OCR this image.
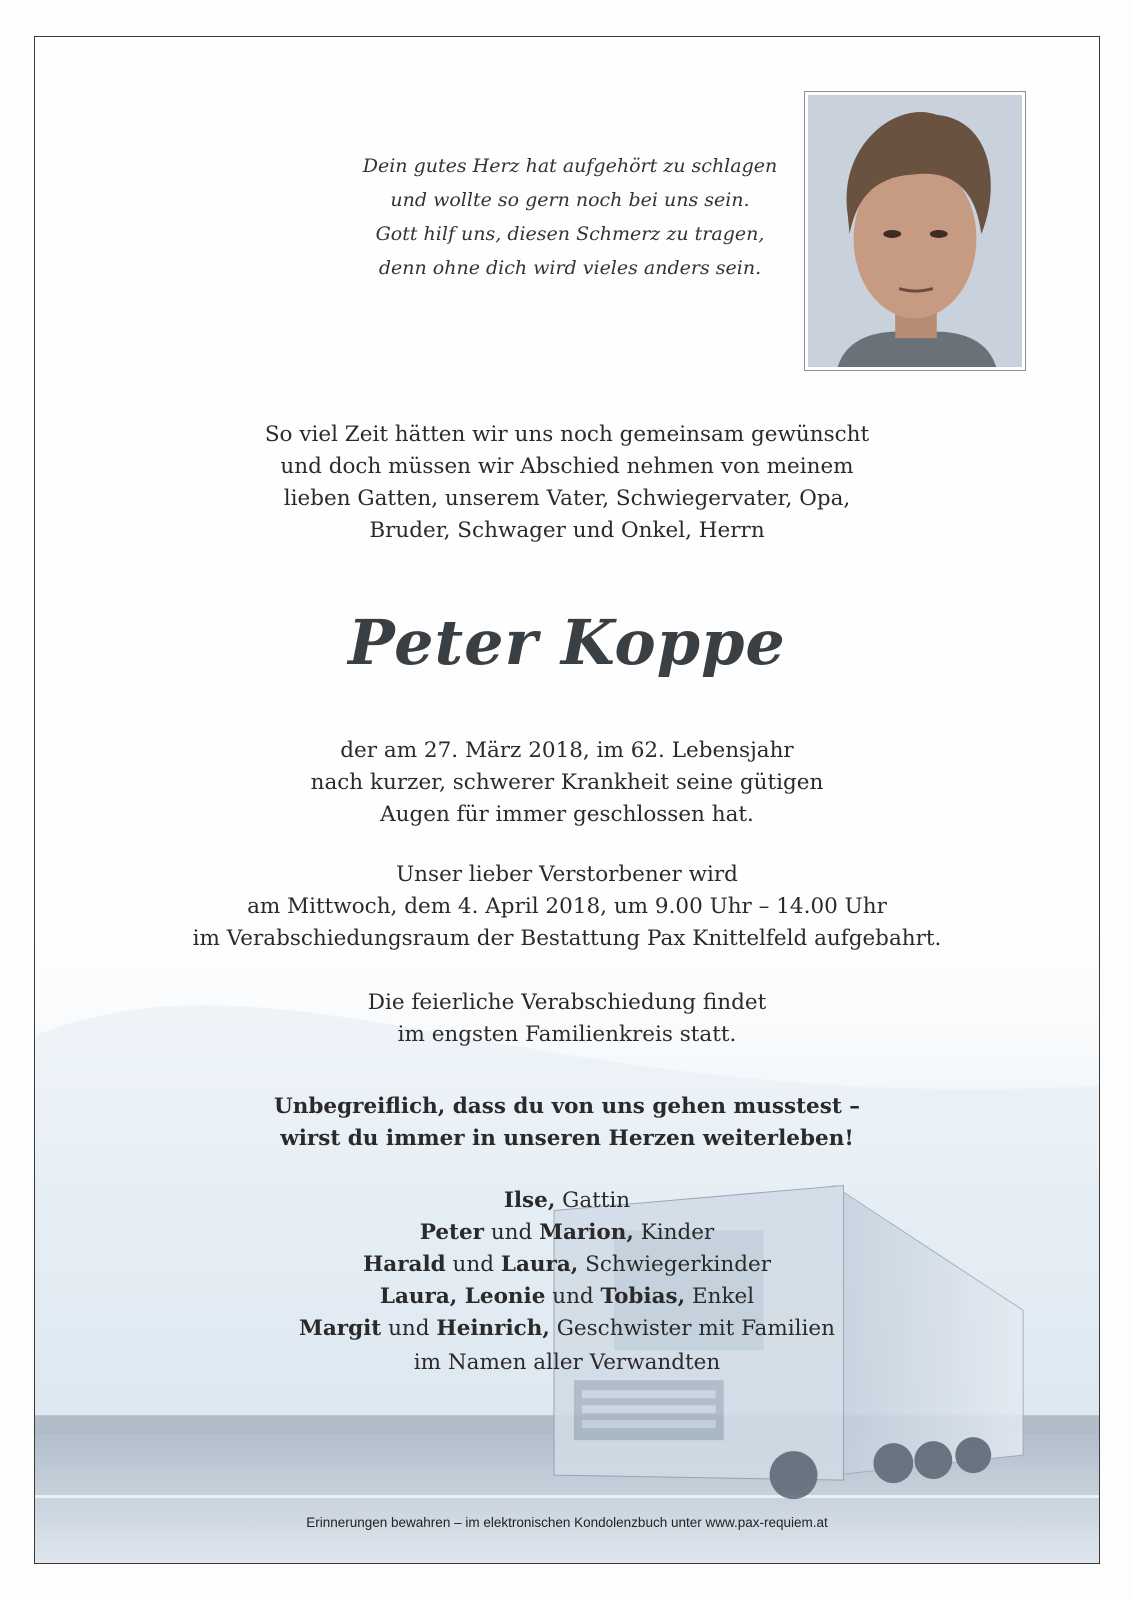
Dein gutes Herz hat aufgehört zu schlagen
und wollte so gern noch bei uns sein.
Gott hilf uns, diesen Schmerz zu tragen,
denn ohne dich wird vieles anders sein.
So viel Zeit hätten wir uns noch gemeinsam gewünscht
und doch müssen wir Abschied nehmen von meinem
lieben Gatten, unserem Vater, Schwiegervater, Opa,
Bruder, Schwager und Onkel, Herrn
Peter Koppe
der am 27. März 2018, im 62. Lebensjahr
nach kurzer, schwerer Krankheit seine gütigen
Augen für immer geschlossen hat.
Unser lieber Verstorbener wird
am Mittwoch, dem 4. April 2018, um 9.00 Uhr – 14.00 Uhr
im Verabschiedungsraum der Bestattung Pax Knittelfeld aufgebahrt.
Die feierliche Verabschiedung findet
im engsten Familienkreis statt.
Unbegreiflich, dass du von uns gehen musstest –
wirst du immer in unseren Herzen weiterleben!
Ilse, Gattin
Peter und Marion, Kinder
Harald und Laura, Schwiegerkinder
Laura, Leonie und Tobias, Enkel
Margit und Heinrich, Geschwister mit Familien
im Namen aller Verwandten
Erinnerungen bewahren – im elektronischen Kondolenzbuch unter www.pax-requiem.at
